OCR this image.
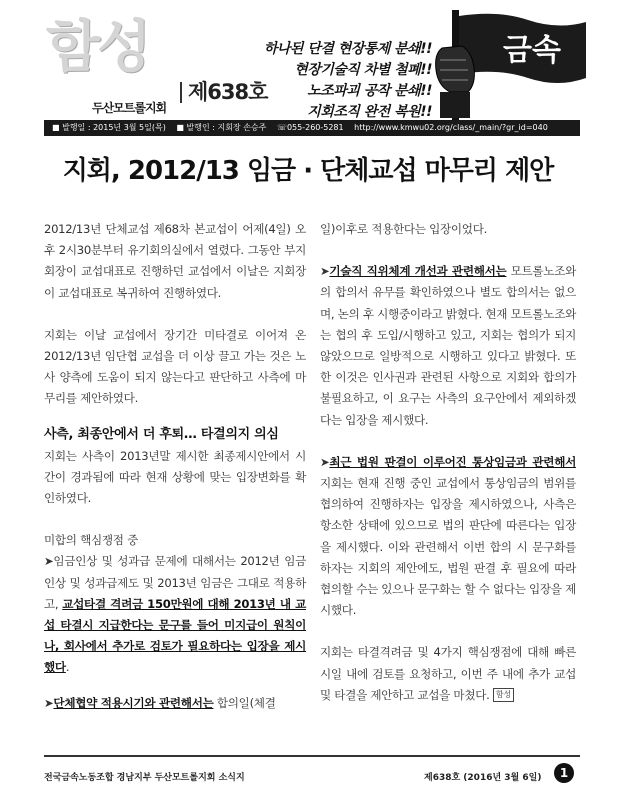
함성
두산모트롤지회
제638호
하나된 단결 현장통제 분쇄!!
현장기술직 차별 철폐!!
노조파괴 공작 분쇄!!
지회조직 완전 복원!!
금속
■ 발행일 : 2015년 3월 5일(목) ■ 발행인 : 지회장 손승주 ☏055-260-5281 http://www.kmwu02.org/class/_main/?gr_id=040
지회, 2012/13 임금 · 단체교섭 마무리 제안

2012/13년 단체교섭 제68차 본교섭이 어제(4일) 오후 2시30분부터 유기회의실에서 열렸다. 그동안 부지회장이 교섭대표로 진행하던 교섭에서 이날은 지회장이 교섭대표로 복귀하여 진행하였다.

지회는 이날 교섭에서 장기간 미타결로 이어져 온 2012/13년 임단협 교섭을 더 이상 끌고 가는 것은 노사 양측에 도움이 되지 않는다고 판단하고 사측에 마무리를 제안하였다.

사측, 최종안에서 더 후퇴… 타결의지 의심

지회는 사측이 2013년말 제시한 최종제시안에서 시간이 경과됨에 따라 현재 상황에 맞는 입장변화를 확인하였다.

미합의 핵심쟁점 중

➤임금인상 및 성과급 문제에 대해서는 2012년 임금인상 및 성과급제도 및 2013년 임금은 그대로 적용하고, 교섭타결 격려금 150만원에 대해 2013년 내 교섭 타결시 지급한다는 문구를 들어 미지급이 원칙이나, 회사에서 추가로 검토가 필요하다는 입장을 제시했다.

➤단체협약 적용시기와 관련해서는 합의일(체결

일)이후로 적용한다는 입장이었다.

➤기술직 직위체계 개선과 관련해서는 모트롤노조와의 합의서 유무를 확인하였으나 별도 합의서는 없으며, 논의 후 시행중이라고 밝혔다. 현재 모트롤노조와는 협의 후 도입/시행하고 있고, 지회는 협의가 되지 않았으므로 일방적으로 시행하고 있다고 밝혔다. 또한 이것은 인사권과 관련된 사항으로 지회와 합의가 불필요하고, 이 요구는 사측의 요구안에서 제외하겠다는 입장을 제시했다.

➤최근 법원 판결이 이루어진 통상임금과 관련해서 지회는 현재 진행 중인 교섭에서 통상임금의 범위를 협의하여 진행하자는 입장을 제시하였으나, 사측은 항소한 상태에 있으므로 법의 판단에 따른다는 입장을 제시했다. 이와 관련해서 이번 합의 시 문구화를 하자는 지회의 제안에도, 법원 판결 후 필요에 따라 협의할 수는 있으나 문구화는 할 수 없다는 입장을 제시했다.

지회는 타결격려금 및 4가지 핵심쟁점에 대해 빠른 시일 내에 검토를 요청하고, 이번 주 내에 추가 교섭 및 타결을 제안하고 교섭을 마쳤다. 함성

전국금속노동조합 경남지부 두산모트롤지회 소식지	제638호 (2016년 3월 6일)	1
